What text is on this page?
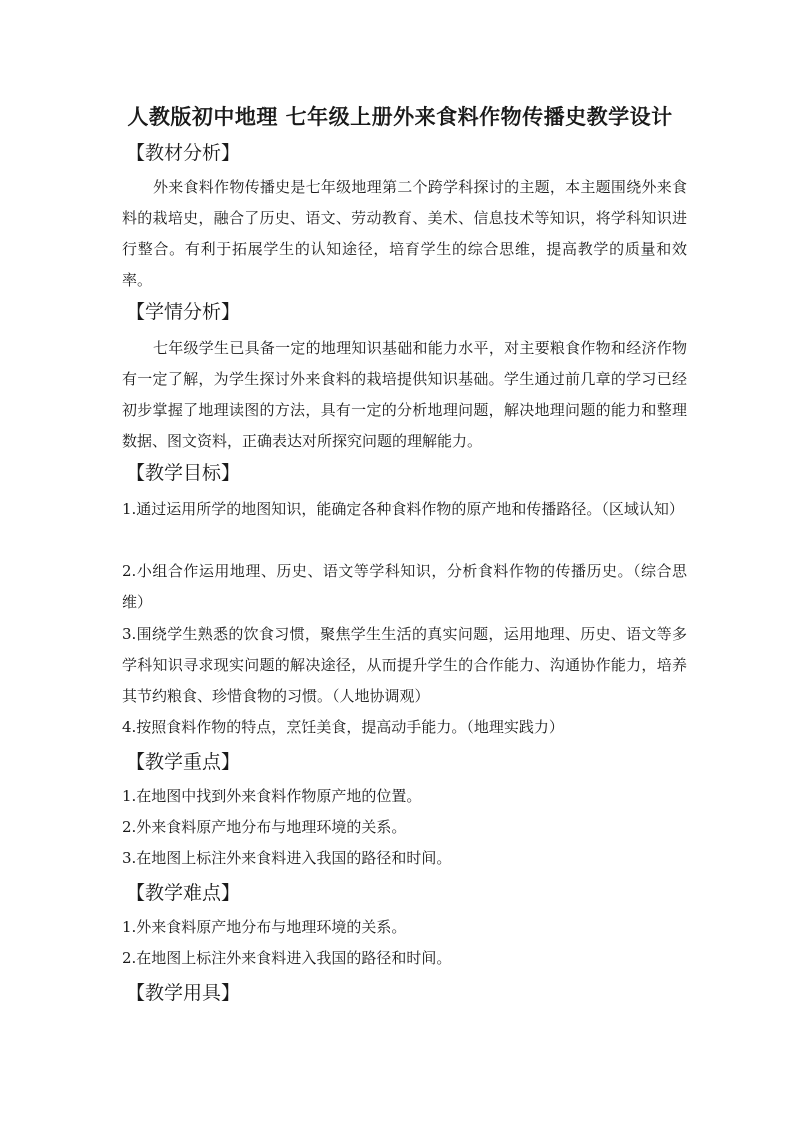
人教版初中地理 七年级上册外来食料作物传播史教学设计
【教材分析】
外来食料作物传播史是七年级地理第二个跨学科探讨的主题，本主题围绕外来食料的栽培史，融合了历史、语文、劳动教育、美术、信息技术等知识，将学科知识进行整合。有利于拓展学生的认知途径，培育学生的综合思维，提高教学的质量和效率。
【学情分析】
七年级学生已具备一定的地理知识基础和能力水平，对主要粮食作物和经济作物有一定了解，为学生探讨外来食料的栽培提供知识基础。学生通过前几章的学习已经初步掌握了地理读图的方法，具有一定的分析地理问题，解决地理问题的能力和整理数据、图文资料，正确表达对所探究问题的理解能力。
【教学目标】
1.通过运用所学的地图知识，能确定各种食料作物的原产地和传播路径。（区域认知）
2.小组合作运用地理、历史、语文等学科知识，分析食料作物的传播历史。（综合思维）
3.围绕学生熟悉的饮食习惯，聚焦学生生活的真实问题，运用地理、历史、语文等多学科知识寻求现实问题的解决途径，从而提升学生的合作能力、沟通协作能力，培养其节约粮食、珍惜食物的习惯。（人地协调观）
4.按照食料作物的特点，烹饪美食，提高动手能力。（地理实践力）
【教学重点】
1.在地图中找到外来食料作物原产地的位置。
2.外来食料原产地分布与地理环境的关系。
3.在地图上标注外来食料进入我国的路径和时间。
【教学难点】
1.外来食料原产地分布与地理环境的关系。
2.在地图上标注外来食料进入我国的路径和时间。
【教学用具】
